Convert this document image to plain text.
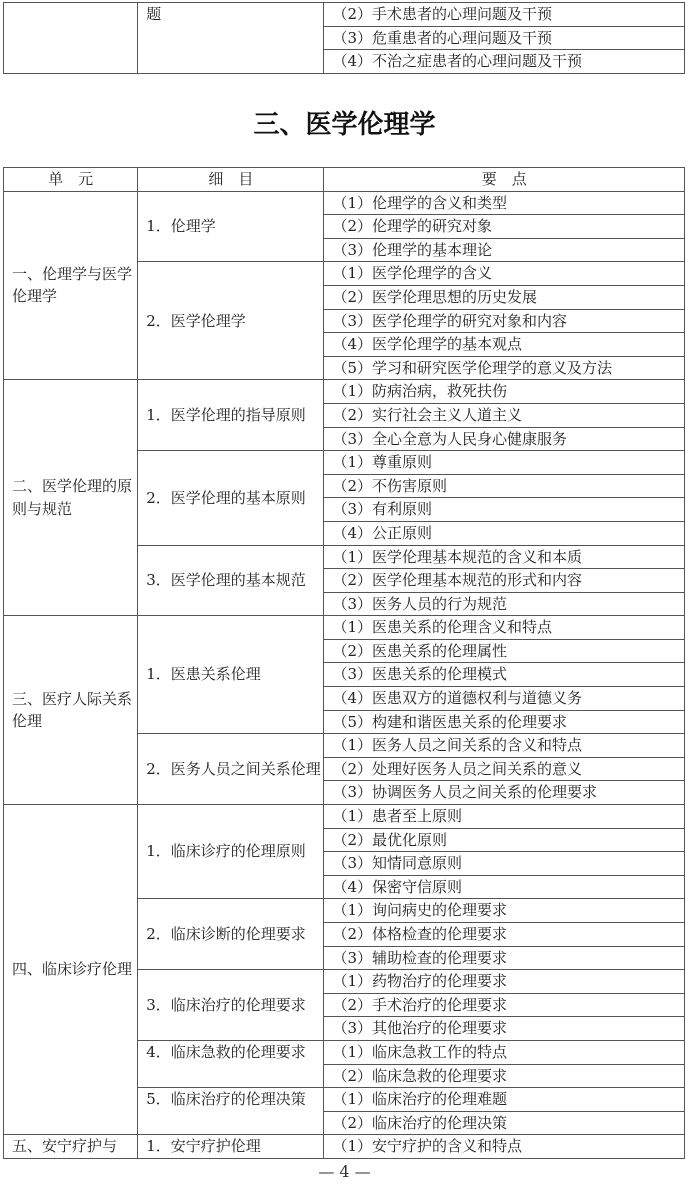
	题	（2）手术患者的心理问题及干预
（3）危重患者的心理问题及干预
（4）不治之症患者的心理问题及干预
三、医学伦理学
单　元	细　目	要　点
一、伦理学与医学伦理学	1．伦理学	（1）伦理学的含义和类型
		（2）伦理学的研究对象
		（3）伦理学的基本理论
	2．医学伦理学	（1）医学伦理学的含义
		（2）医学伦理思想的历史发展
		（3）医学伦理学的研究对象和内容
		（4）医学伦理学的基本观点
		（5）学习和研究医学伦理学的意义及方法
二、医学伦理的原则与规范	1．医学伦理的指导原则	（1）防病治病，救死扶伤
		（2）实行社会主义人道主义
		（3）全心全意为人民身心健康服务
	2．医学伦理的基本原则	（1）尊重原则
		（2）不伤害原则
		（3）有利原则
		（4）公正原则
	3．医学伦理的基本规范	（1）医学伦理基本规范的含义和本质
		（2）医学伦理基本规范的形式和内容
		（3）医务人员的行为规范
三、医疗人际关系伦理	1．医患关系伦理	（1）医患关系的伦理含义和特点
		（2）医患关系的伦理属性
		（3）医患关系的伦理模式
		（4）医患双方的道德权利与道德义务
		（5）构建和谐医患关系的伦理要求
	2．医务人员之间关系伦理	（1）医务人员之间关系的含义和特点
		（2）处理好医务人员之间关系的意义
		（3）协调医务人员之间关系的伦理要求
四、临床诊疗伦理	1．临床诊疗的伦理原则	（1）患者至上原则
		（2）最优化原则
		（3）知情同意原则
		（4）保密守信原则
	2．临床诊断的伦理要求	（1）询问病史的伦理要求
		（2）体格检查的伦理要求
		（3）辅助检查的伦理要求
	3．临床治疗的伦理要求	（1）药物治疗的伦理要求
		（2）手术治疗的伦理要求
		（3）其他治疗的伦理要求
	4．临床急救的伦理要求	（1）临床急救工作的特点
		（2）临床急救的伦理要求
	5．临床治疗的伦理决策	（1）临床治疗的伦理难题
		（2）临床治疗的伦理决策
五、安宁疗护与	1．安宁疗护伦理	（1）安宁疗护的含义和特点
— 4 —
